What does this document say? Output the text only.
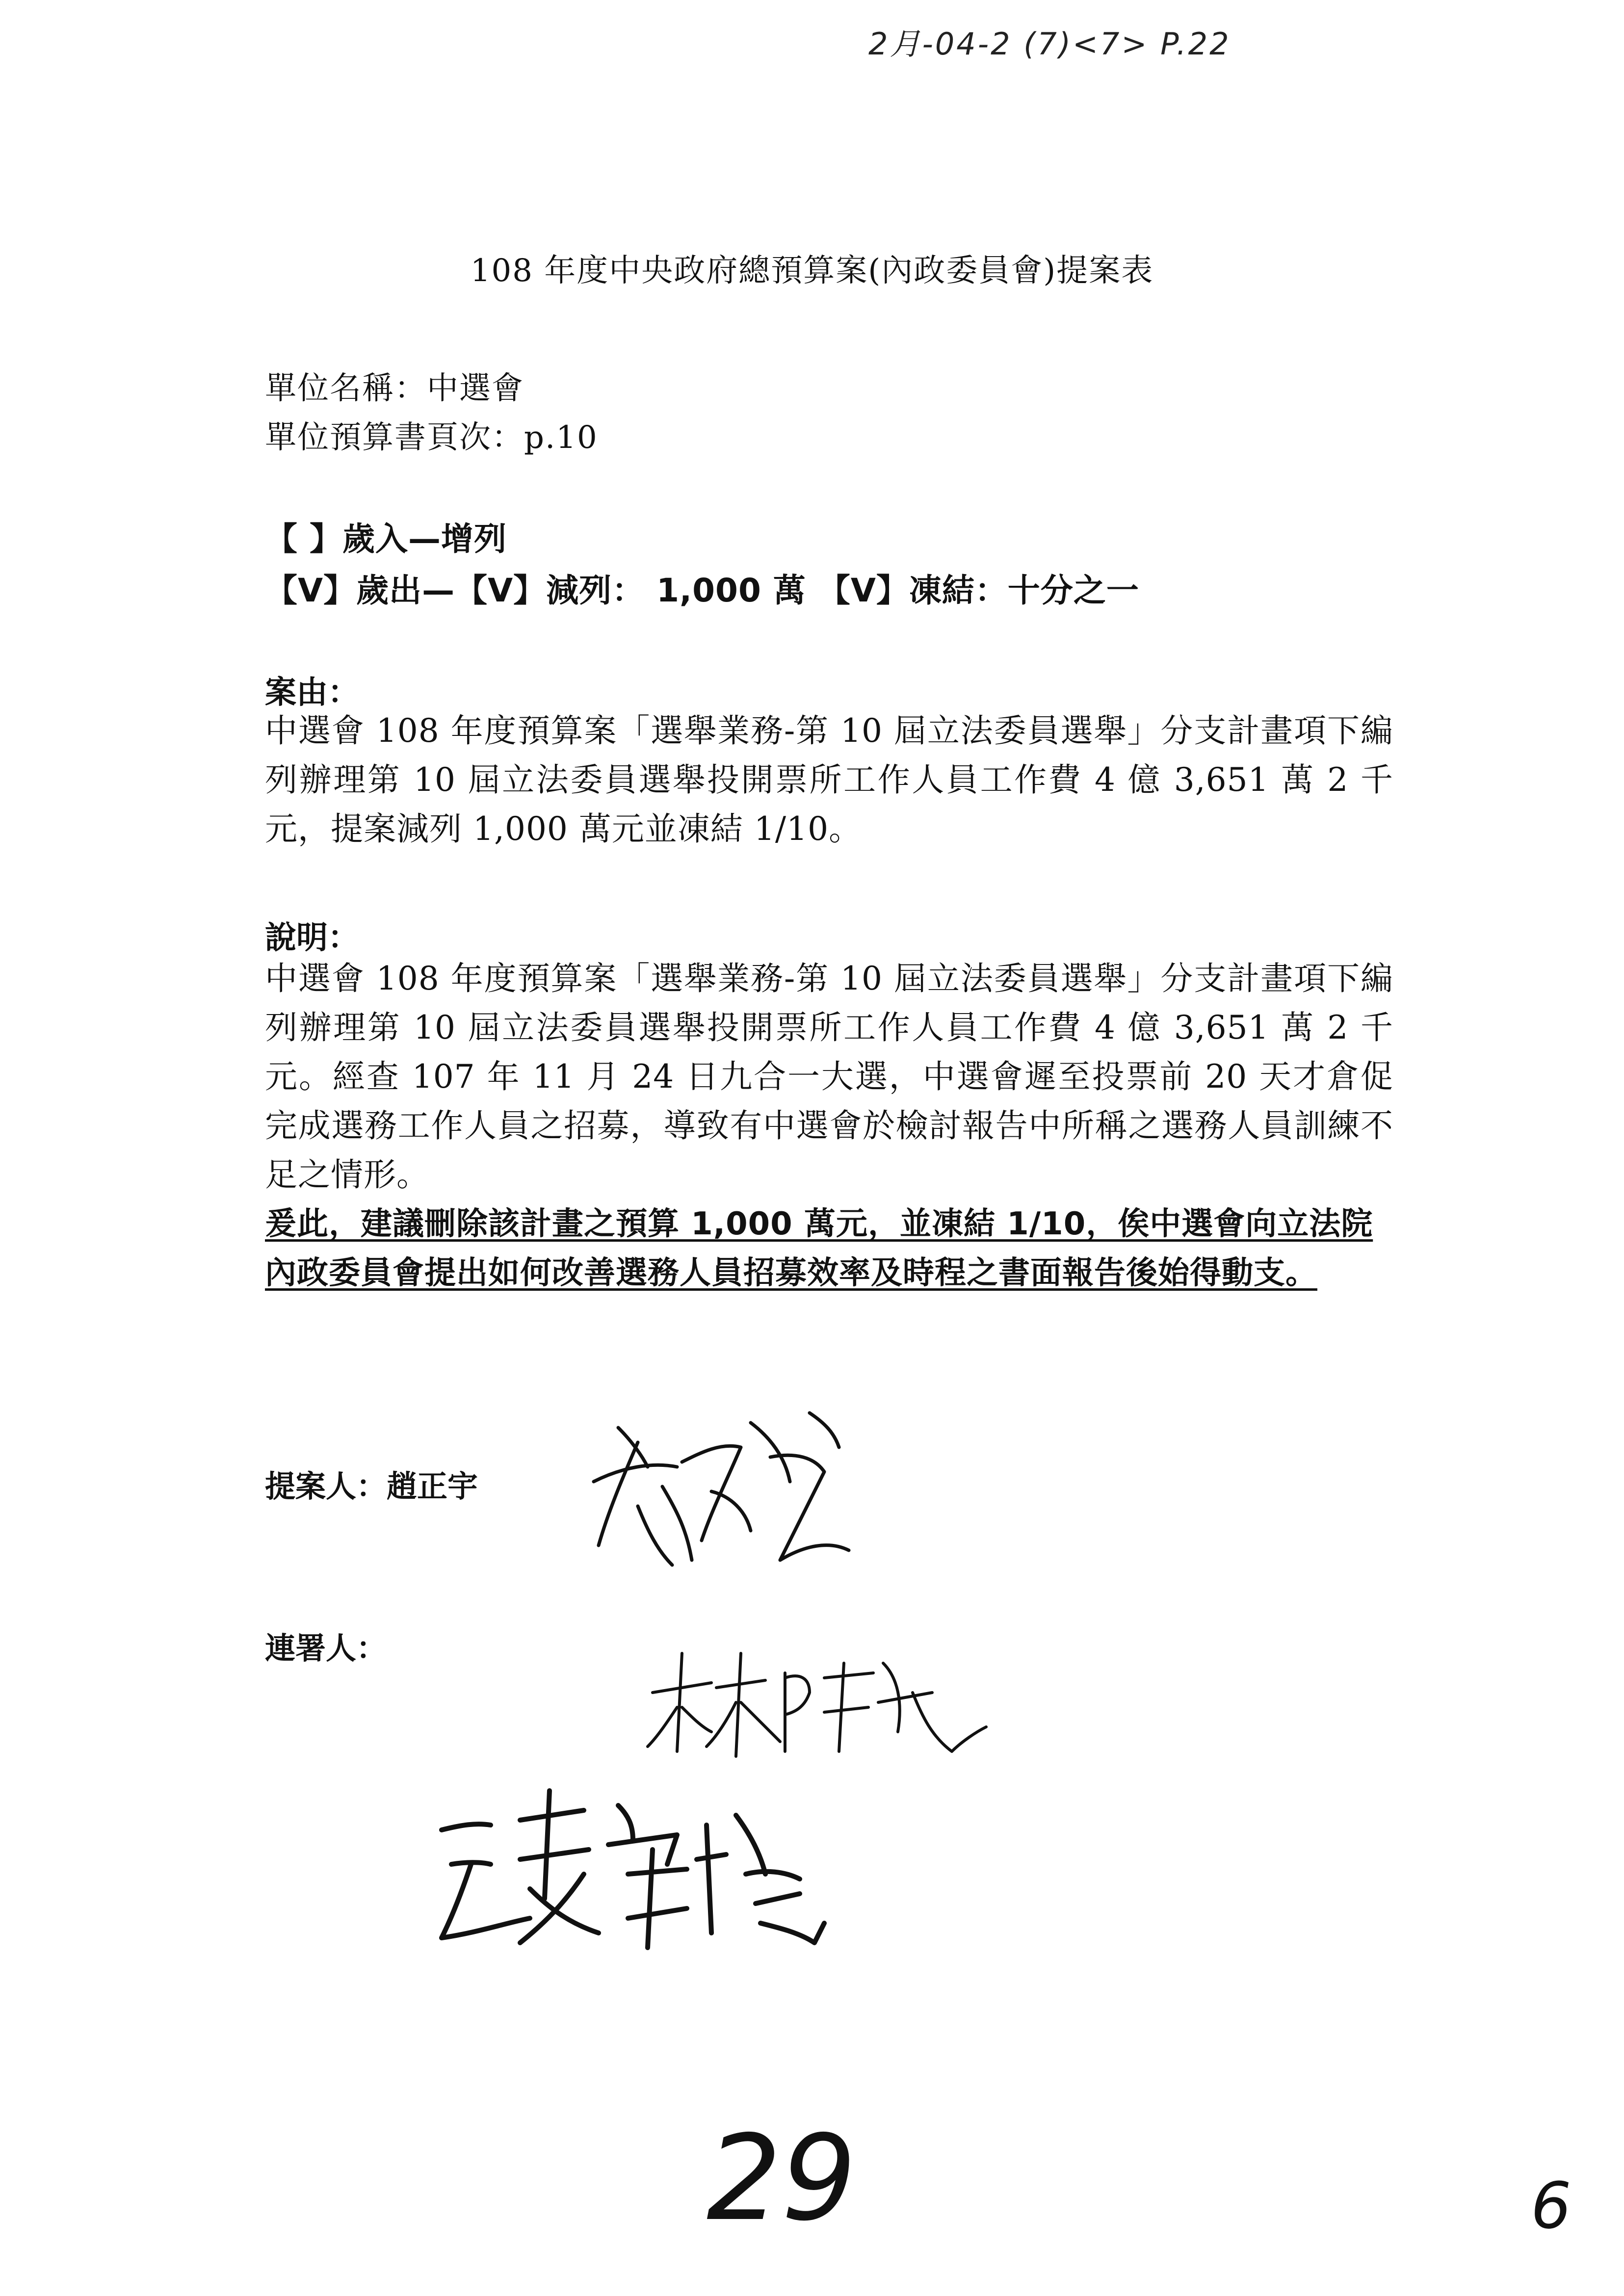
2月-04-2 (7)<7> P.22
108 年度中央政府總預算案(內政委員會)提案表
單位名稱：中選會
單位預算書頁次：p.10
【 】歲入—增列
【V】歲出—【V】減列： 1,000 萬 【V】凍結：十分之一
案由：
中選會 108 年度預算案「選舉業務-第 10 屆立法委員選舉」分支計畫項下編列辦理第 10 屆立法委員選舉投開票所工作人員工作費 4 億 3,651 萬 2 千元，提案減列 1,000 萬元並凍結 1/10。
說明：
中選會 108 年度預算案「選舉業務-第 10 屆立法委員選舉」分支計畫項下編列辦理第 10 屆立法委員選舉投開票所工作人員工作費 4 億 3,651 萬 2 千元。經查 107 年 11 月 24 日九合一大選，中選會遲至投票前 20 天才倉促完成選務工作人員之招募，導致有中選會於檢討報告中所稱之選務人員訓練不足之情形。
爰此，建議刪除該計畫之預算 1,000 萬元，並凍結 1/10，俟中選會向立法院內政委員會提出如何改善選務人員招募效率及時程之書面報告後始得動支。
提案人：趙正宇
連署人：
29	6
